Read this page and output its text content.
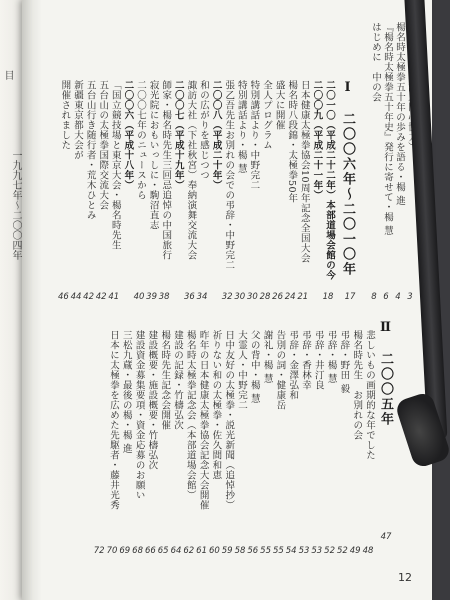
目
一九九七年〜二〇〇四年	楊名時太極拳五十年の歩みを語る・楊 進
『楊名時太極拳五十年史』発行に寄せて・楊 慧
はじめに　中の会
3
4
6
8
Ⅰ　二〇〇六年〜二〇一〇年
17
二〇一〇（平成二十二年）本部道場会館の今
18
二〇〇九（平成二十一年）
日本健康太極拳協会10周年記念全国大会
21
楊名時八段錦・太極拳50年
24
盛大に開催
26
全人プログラム
28
特別講話より・中野完二
30
特別講話より・楊 慧
30
張乙吾先生お別れの会での弔辞・中野完二
32
二〇〇八（平成二十年）
和の広がりを感じつつ
34
諏訪大社（下社秋宮）奉納演舞交流大会
36
二〇〇七（平成十九年）
師家・楊名時先生三回忌追悼の中国旅行
38
寂光院におもいっしに・駒沼直志
39
二〇〇七年のニュースから
40
二〇〇六（平成十八年）
「国立競技場と東京大会・楊名時先生
41
五台山の太極拳国際交流大会
42
五台山行き随行者・荒木ひとみ
42
新疆東京都大会が
44
開催されました
46
Ⅱ　二〇〇五年
47
悲しいもの画期的な年でした
48
楊名時先生　お別れの会
49
弔辞・野田 毅
52
弔辞・楊 慧
52
弔辞・井汀良
53
弔辞・香林幸
53
弔辞・金澤弘和
54
告別の詞・健康岳
55
謝礼・楊 慧
55
父の背中・楊 慧
56
大霊人・中野完二
58
日中友好の太極拳・説光新聞（追悼抄）
59
祈りない和の太極拳・佐久間和恵
60
昨年の日本健康太極拳協会記念大会開催
61
楊名時太極拳記念会（本部道場会館）
62
建設の記録・竹檮弘次
64
楊名時先生記念会開催
65
建設概要・施設概要・竹檮弘次
66
建設資金募集要項・資金応募のお願い
68
三松九蔵・最後の楊・楊 進
69
日本に太極拳を広めた先駆者・藤井光秀
70
72
12
